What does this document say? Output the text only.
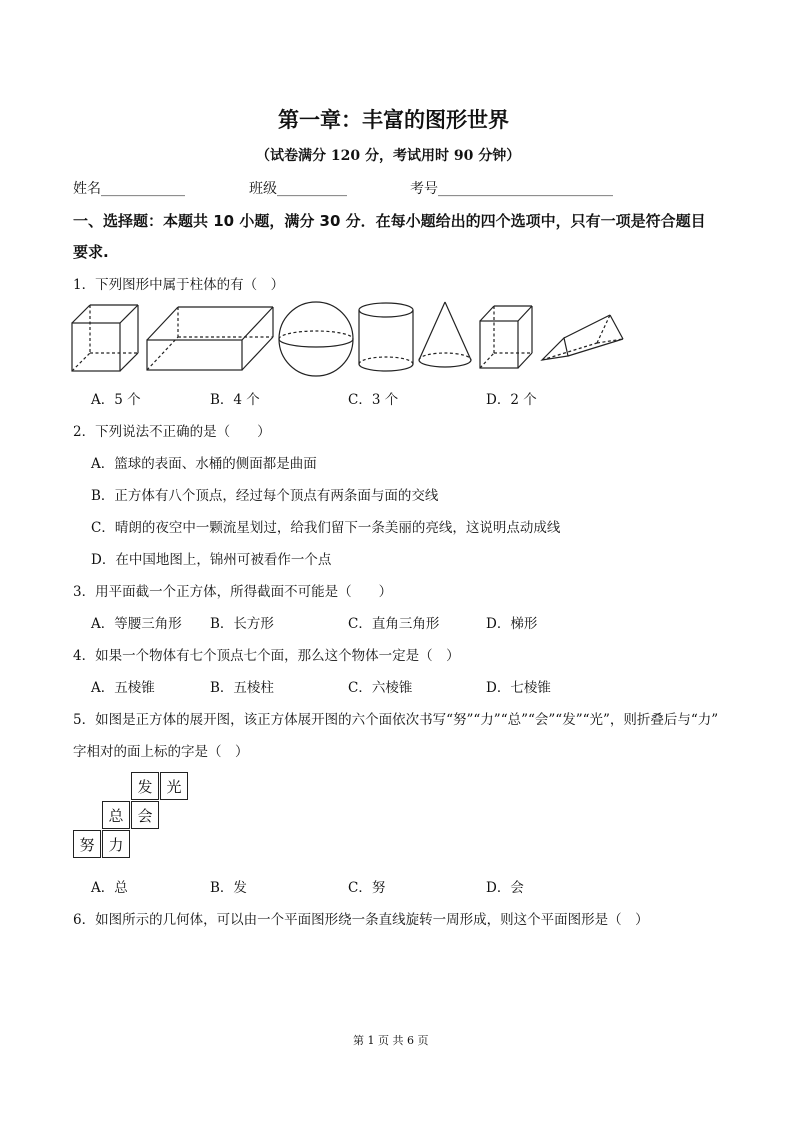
第一章：丰富的图形世界
（试卷满分 120 分，考试用时 90 分钟）
姓名____________	班级__________	考号_________________________
一、选择题：本题共 10 小题，满分 30 分．在每小题给出的四个选项中，只有一项是符合题目
要求.
1．下列图形中属于柱体的有（　）
A．5 个	B．4 个	C．3 个	D．2 个
2．下列说法不正确的是（　　）
A．篮球的表面、水桶的侧面都是曲面
B．正方体有八个顶点，经过每个顶点有两条面与面的交线
C．晴朗的夜空中一颗流星划过，给我们留下一条美丽的亮线，这说明点动成线
D．在中国地图上，锦州可被看作一个点
3．用平面截一个正方体，所得截面不可能是（　　）
A．等腰三角形 B．长方形	C．直角三角形	D．梯形
4．如果一个物体有七个顶点七个面，那么这个物体一定是（　）
A．五棱锥	B．五棱柱	C．六棱锥	D．七棱锥
5．如图是正方体的展开图，该正方体展开图的六个面依次书写“努”“力”“总”“会”“发”“光”，则折叠后与“力”
字相对的面上标的字是（　）
发 光
总 会
努 力
A．总	B．发	C．努	D．会
6．如图所示的几何体，可以由一个平面图形绕一条直线旋转一周形成，则这个平面图形是（　）
第 1 页 共 6 页
